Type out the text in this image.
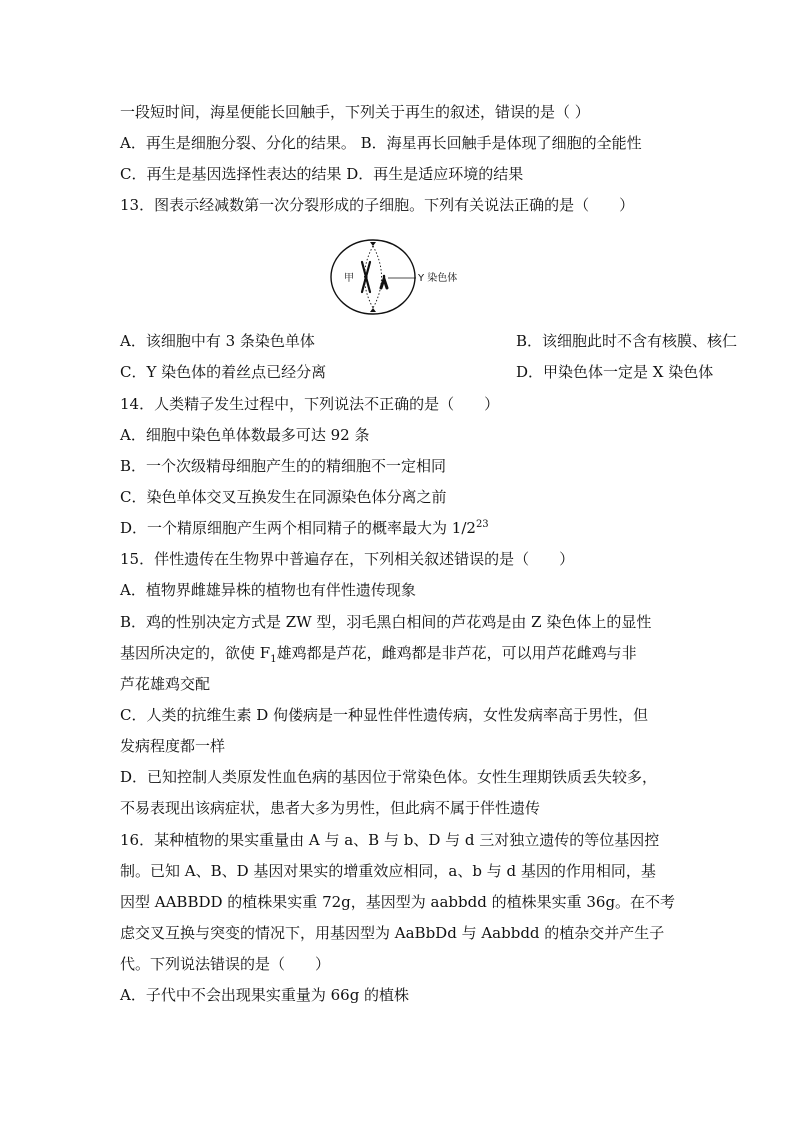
一段短时间，海星便能长回触手，下列关于再生的叙述，错误的是（ ）
A．再生是细胞分裂、分化的结果。 B．海星再长回触手是体现了细胞的全能性
C．再生是基因选择性表达的结果 D．再生是适应环境的结果
13．图表示经减数第一次分裂形成的子细胞。下列有关说法正确的是（　　）
甲	Y 染色体
A．该细胞中有 3 条染色单体	B．该细胞此时不含有核膜、核仁
C．Y 染色体的着丝点已经分离	D．甲染色体一定是 X 染色体
14．人类精子发生过程中，下列说法不正确的是（　　）
A．细胞中染色单体数最多可达 92 条
B．一个次级精母细胞产生的的精细胞不一定相同
C．染色单体交叉互换发生在同源染色体分离之前
D．一个精原细胞产生两个相同精子的概率最大为 $1/2^{23}$
15．伴性遗传在生物界中普遍存在，下列相关叙述错误的是（　　）
A．植物界雌雄异株的植物也有伴性遗传现象
B．鸡的性别决定方式是 ZW 型，羽毛黑白相间的芦花鸡是由 Z 染色体上的显性
基因所决定的，欲使 $F_1$雄鸡都是芦花，雌鸡都是非芦花，可以用芦花雌鸡与非
芦花雄鸡交配
C．人类的抗维生素 D 佝偻病是一种显性伴性遗传病，女性发病率高于男性，但
发病程度都一样
D．已知控制人类原发性血色病的基因位于常染色体。女性生理期铁质丢失较多，
不易表现出该病症状，患者大多为男性，但此病不属于伴性遗传
16．某种植物的果实重量由 A 与 a、B 与 b、D 与 d 三对独立遗传的等位基因控
制。已知 A、B、D 基因对果实的增重效应相同，a、b 与 d 基因的作用相同，基
因型 AABBDD 的植株果实重 72g，基因型为 aabbdd 的植株果实重 36g。在不考
虑交叉互换与突变的情况下，用基因型为 AaBbDd 与 Aabbdd 的植杂交并产生子
代。下列说法错误的是（　　）
A．子代中不会出现果实重量为 66g 的植株
